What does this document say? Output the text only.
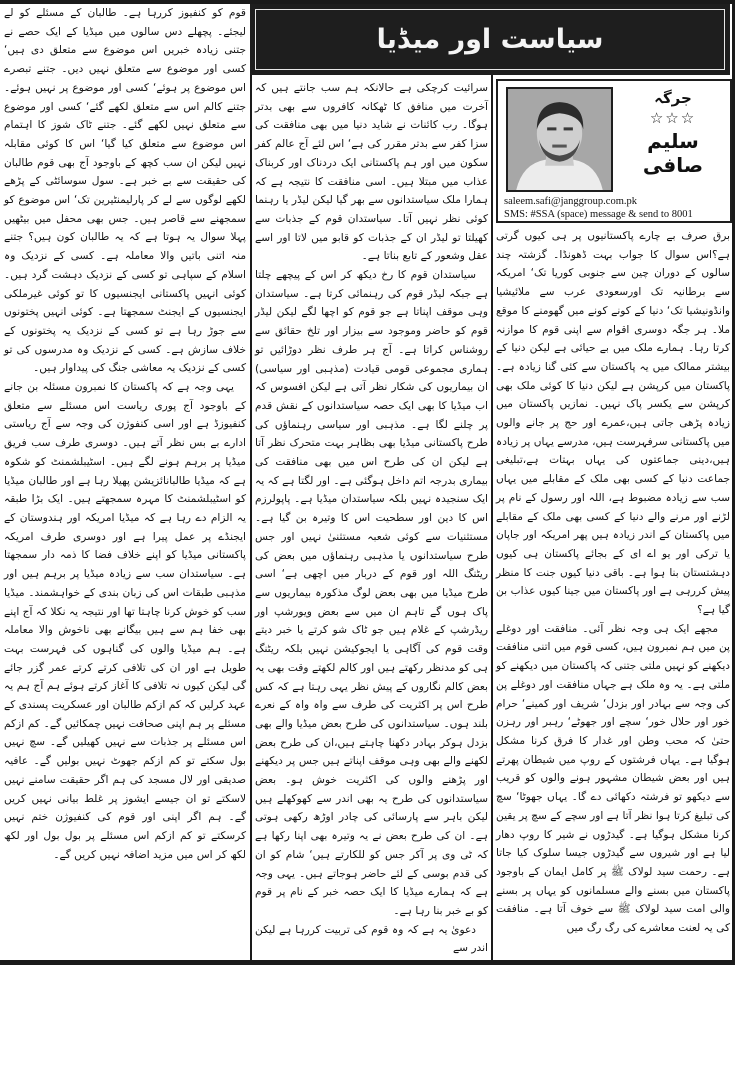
جرگہ
☆☆☆
سلیم صافی
saleem.safi@janggroup.com.pk
SMS: #SSA (space) message & send to 8001

برق صرف بے چارے پاکستانیوں پر ہی کیوں گرتی ہے؟اس سوال کا جواب بہت ڈھونڈا۔ گزشتہ چند سالوں کے دوران چین سے جنوبی کوریا تک‘ امریکہ سے برطانیہ تک اورسعودی عرب سے ملائیشیا وانڈونیشیا تک‘ دنیا کے کونے کونے میں گھومنے کا موقع ملا۔ ہر جگہ دوسری اقوام سے اپنی قوم کا موازنہ کرتا رہا۔ ہمارے ملک میں بے حیائی ہے لیکن دنیا کے بیشتر ممالک میں یہ پاکستان سے کئی گنا زیادہ ہے۔ پاکستان میں کرپشن ہے لیکن دنیا کا کوئی ملک بھی کرپشن سے یکسر پاک نہیں۔ نمازیں پاکستان میں زیادہ پڑھی جاتی ہیں،عمرے اور حج پر جانے والوں میں پاکستانی سرفہرست ہیں، مدرسے یہاں پر زیادہ ہیں،دینی جماعتوں کی یہاں بہتات ہے،تبلیغی جماعت دنیا کے کسی بھی ملک کے مقابلے میں یہاں سب سے زیادہ مضبوط ہے، اللہ اور رسول کے نام پر لڑنے اور مرنے والے دنیا کے کسی بھی ملک کے مقابلے میں پاکستان کے اندر زیادہ ہیں پھر امریکہ اور جاپان یا ترکی اور یو اے ای کے بجائے پاکستان ہی کیوں دہشتستان بنا ہوا ہے۔ باقی دنیا کیوں جنت کا منظر پیش کررہی ہے اور پاکستان میں جینا کیوں عذاب بن گیا ہے؟

مجھے ایک ہی وجہ نظر آئی۔ منافقت اور دوغلے پن میں ہم نمبرون ہیں، کسی قوم میں اتنی منافقت دیکھنے کو نہیں ملتی جتنی کہ پاکستان میں دیکھنے کو ملتی ہے۔ یہ وہ ملک ہے جہاں منافقت اور دوغلے پن کی وجہ سے بہادر اور بزدل‘ شریف اور کمینے‘ حرام خور اور حلال خور‘ سچے اور جھوٹے‘ رہبر اور رہزن حتیٰ کہ محب وطن اور غدار کا فرق کرنا مشکل ہوگیا ہے۔ یہاں فرشتوں کے روپ میں شیطان پھرتے ہیں اور بعض شیطان مشہور ہونے والوں کو قریب سے دیکھو تو فرشتہ دکھائی دے گا۔ یہاں جھوٹا‘ سچ کی تبلیغ کرتا ہوا نظر آتا ہے اور سچے کے سچ پر یقین کرنا مشکل ہوگیا ہے۔ گیدڑوں نے شیر کا روپ دھار لیا ہے اور شیروں سے گیدڑوں جیسا سلوک کیا جاتا ہے۔ رحمت سید لولاک ﷺ پر کامل ایمان کے باوجود پاکستان میں بسنے والے مسلمانوں کو یہاں پر بسنے والی امت سید لولاک ﷺ سے خوف آتا ہے۔ منافقت کی یہ لعنت معاشرے کی رگ رگ میں

سرائیت کرچکی ہے حالانکہ ہم سب جانتے ہیں کہ آخرت میں منافق کا ٹھکانہ کافروں سے بھی بدتر ہوگا۔ رب کائنات نے شاید دنیا میں بھی منافقت کی سزا کفر سے بدتر مقرر کی ہے‘ اس لئے آج عالم کفر سکون میں اور ہم پاکستانی ایک دردناک اور کربناک عذاب میں مبتلا ہیں۔ اسی منافقت کا نتیجہ ہے کہ ہمارا ملک سیاستدانوں سے بھر گیا لیکن لیڈر یا رہنما کوئی نظر نہیں آتا۔ سیاستدان قوم کے جذبات سے کھیلتا تو لیڈر ان کے جذبات کو قابو میں لاتا اور اسے عقل وشعور کے تابع بناتا ہے۔

سیاستدان قوم کا رخ دیکھ کر اس کے پیچھے چلتا ہے جبکہ لیڈر قوم کی رہنمائی کرتا ہے۔ سیاستدان وہی موقف اپناتا ہے جو قوم کو اچھا لگے لیکن لیڈر قوم کو حاضر وموجود سے بیزار اور تلخ حقائق سے روشناس کراتا ہے۔ آج ہر طرف نظر دوڑائیں تو ہماری مجموعی قومی قیادت (مذہبی اور سیاسی) ان بیماریوں کی شکار نظر آتی ہے لیکن افسوس کہ اب میڈیا کا بھی ایک حصہ سیاستدانوں کے نقش قدم پر چلنے لگا ہے۔ مذہبی اور سیاسی رہنماؤں کی طرح پاکستانی میڈیا بھی بظاہر بہت متحرک نظر آتا ہے لیکن ان کی طرح اس میں بھی منافقت کی بیماری بدرجہ اتم داخل ہوگئی ہے۔ اور لگتا ہے کہ یہ ایک سنجیدہ نہیں بلکہ سیاستدان میڈیا ہے۔ پاپولرزم اس کا دین اور سطحیت اس کا وتیرہ بن گیا ہے۔ مستثنیات سے کوئی شعبہ مستثنیٰ نہیں اور جس طرح سیاستدانوں یا مذہبی رہنماؤں میں بعض کی ریٹنگ اللہ اور قوم کے دربار میں اچھی ہے‘ اسی طرح میڈیا میں بھی بعض لوگ مذکورہ بیماریوں سے پاک ہوں گے تاہم ان میں سے بعض ویورشپ اور ریڈرشپ کے غلام ہیں جو ٹاک شو کرتے یا خبر دیتے وقت قوم کی آگاہی یا ایجوکیشن نہیں بلکہ ریٹنگ ہی کو مدنظر رکھتے ہیں اور کالم لکھتے وقت بھی یہ بعض کالم نگاروں کے پیش نظر یہی رہتا ہے کہ کس طرح اس پر اکثریت کی طرف سے واہ واہ کے نعرے بلند ہوں۔ سیاستدانوں کی طرح بعض میڈیا والے بھی بزدل ہوکر بہادر دکھنا چاہتے ہیں،ان کی طرح بعض لکھنے والے بھی وہی موقف اپناتے ہیں جس پر دیکھنے اور پڑھنے والوں کی اکثریت خوش ہو۔ بعض سیاستدانوں کی طرح یہ بھی اندر سے کھوکھلے ہیں لیکن باہر سے پارسائی کی چادر اوڑھ رکھی ہوتی ہے۔ ان کی طرح بعض نے یہ وتیرہ بھی اپنا رکھا ہے کہ ٹی وی پر آکر جس کو للکارتے ہیں‘ شام کو ان کی قدم بوسی کے لئے حاضر ہوجاتے ہیں۔ یہی وجہ ہے کہ ہمارے میڈیا کا ایک حصہ خبر کے نام پر قوم کو بے خبر بنا رہا ہے۔

دعویٰ یہ ہے کہ وہ قوم کی تربیت کررہا ہے لیکن اندر سے

قوم کو کنفیوز کررہا ہے۔ طالبان کے مسئلے کو لے لیجئے۔ پچھلے دس سالوں میں میڈیا کے ایک حصے نے جتنی زیادہ خبریں اس موضوع سے متعلق دی ہیں‘ کسی اور موضوع سے متعلق نہیں دیں۔ جتنے تبصرے اس موضوع پر ہوئے‘ کسی اور موضوع پر نہیں ہوئے۔ جتنے کالم اس سے متعلق لکھے گئے‘ کسی اور موضوع سے متعلق نہیں لکھے گئے۔ جتنے ٹاک شوز کا اہتمام اس موضوع سے متعلق کیا گیا‘ اس کا کوئی مقابلہ نہیں لیکن ان سب کچھ کے باوجود آج بھی قوم طالبان کی حقیقت سے بے خبر ہے۔ سول سوسائٹی کے پڑھے لکھے لوگوں سے لے کر پارلیمنٹیرین تک‘ اس موضوع کو سمجھنے سے قاصر ہیں۔ جس بھی محفل میں بیٹھیں پہلا سوال یہ ہوتا ہے کہ یہ طالبان کون ہیں؟ جتنے منہ اتنی باتیں والا معاملہ ہے۔ کسی کے نزدیک وہ اسلام کے سپاہی تو کسی کے نزدیک دہشت گرد ہیں۔ کوئی انہیں پاکستانی ایجنسیوں کا تو کوئی غیرملکی ایجنسیوں کے ایجنٹ سمجھتا ہے۔ کوئی انہیں پختونوں سے جوڑ رہا ہے تو کسی کے نزدیک یہ پختونوں کے خلاف سازش ہے۔ کسی کے نزدیک وہ مدرسوں کی تو کسی کے نزدیک یہ معاشی جنگ کی پیداوار ہیں۔

یہی وجہ ہے کہ پاکستان کا نمبرون مسئلہ بن جانے کے باوجود آج پوری ریاست اس مسئلے سے متعلق کنفیوزڈ ہے اور اسی کنفوژن کی وجہ سے آج ریاستی ادارے بے بس نظر آتے ہیں۔ دوسری طرف سب فریق میڈیا پر برہم ہونے لگے ہیں۔ اسٹیبلشمنٹ کو شکوہ ہے کہ میڈیا طالبانائزیشن پھیلا رہا ہے اور طالبان میڈیا کو اسٹیبلشمنٹ کا مہرہ سمجھتے ہیں۔ ایک بڑا طبقہ یہ الزام دے رہا ہے کہ میڈیا امریکہ اور ہندوستان کے ایجنڈے پر عمل پیرا ہے اور دوسری طرف امریکہ پاکستانی میڈیا کو اپنے خلاف فضا کا ذمہ دار سمجھتا ہے۔ سیاستدان سب سے زیادہ میڈیا پر برہم ہیں اور مذہبی طبقات اس کی زبان بندی کے خواہشمند۔ میڈیا سب کو خوش کرنا چاہتا تھا اور نتیجہ یہ نکلا کہ آج اپنے بھی خفا ہم سے ہیں بیگانے بھی ناخوش والا معاملہ ہے۔ ہم میڈیا والوں کی گناہوں کی فہرست بہت طویل ہے اور ان کی تلافی کرتے کرتے عمر گزر جائے گی لیکن کیوں نہ تلافی کا آغاز کرتے ہوئے ہم آج ہم یہ عہد کرلیں کہ کم ازکم طالبان اور عسکریت پسندی کے مسئلے پر ہم اپنی صحافت نہیں چمکائیں گے۔ کم ازکم اس مسئلے پر جذبات سے نہیں کھیلیں گے۔ سچ نہیں بول سکتے تو کم ازکم جھوٹ نہیں بولیں گے۔ عافیہ صدیقی اور لال مسجد کی ہم اگر حقیقت سامنے نہیں لاسکتے تو ان جیسے ایشوز پر غلط بیانی نہیں کریں گے۔ ہم اگر اپنی اور قوم کی کنفیوژن ختم نہیں کرسکتے تو کم ازکم اس مسئلے پر بول بول اور لکھ لکھ کر اس میں مزید اضافہ نہیں کریں گے۔

سیاست اور میڈیا
